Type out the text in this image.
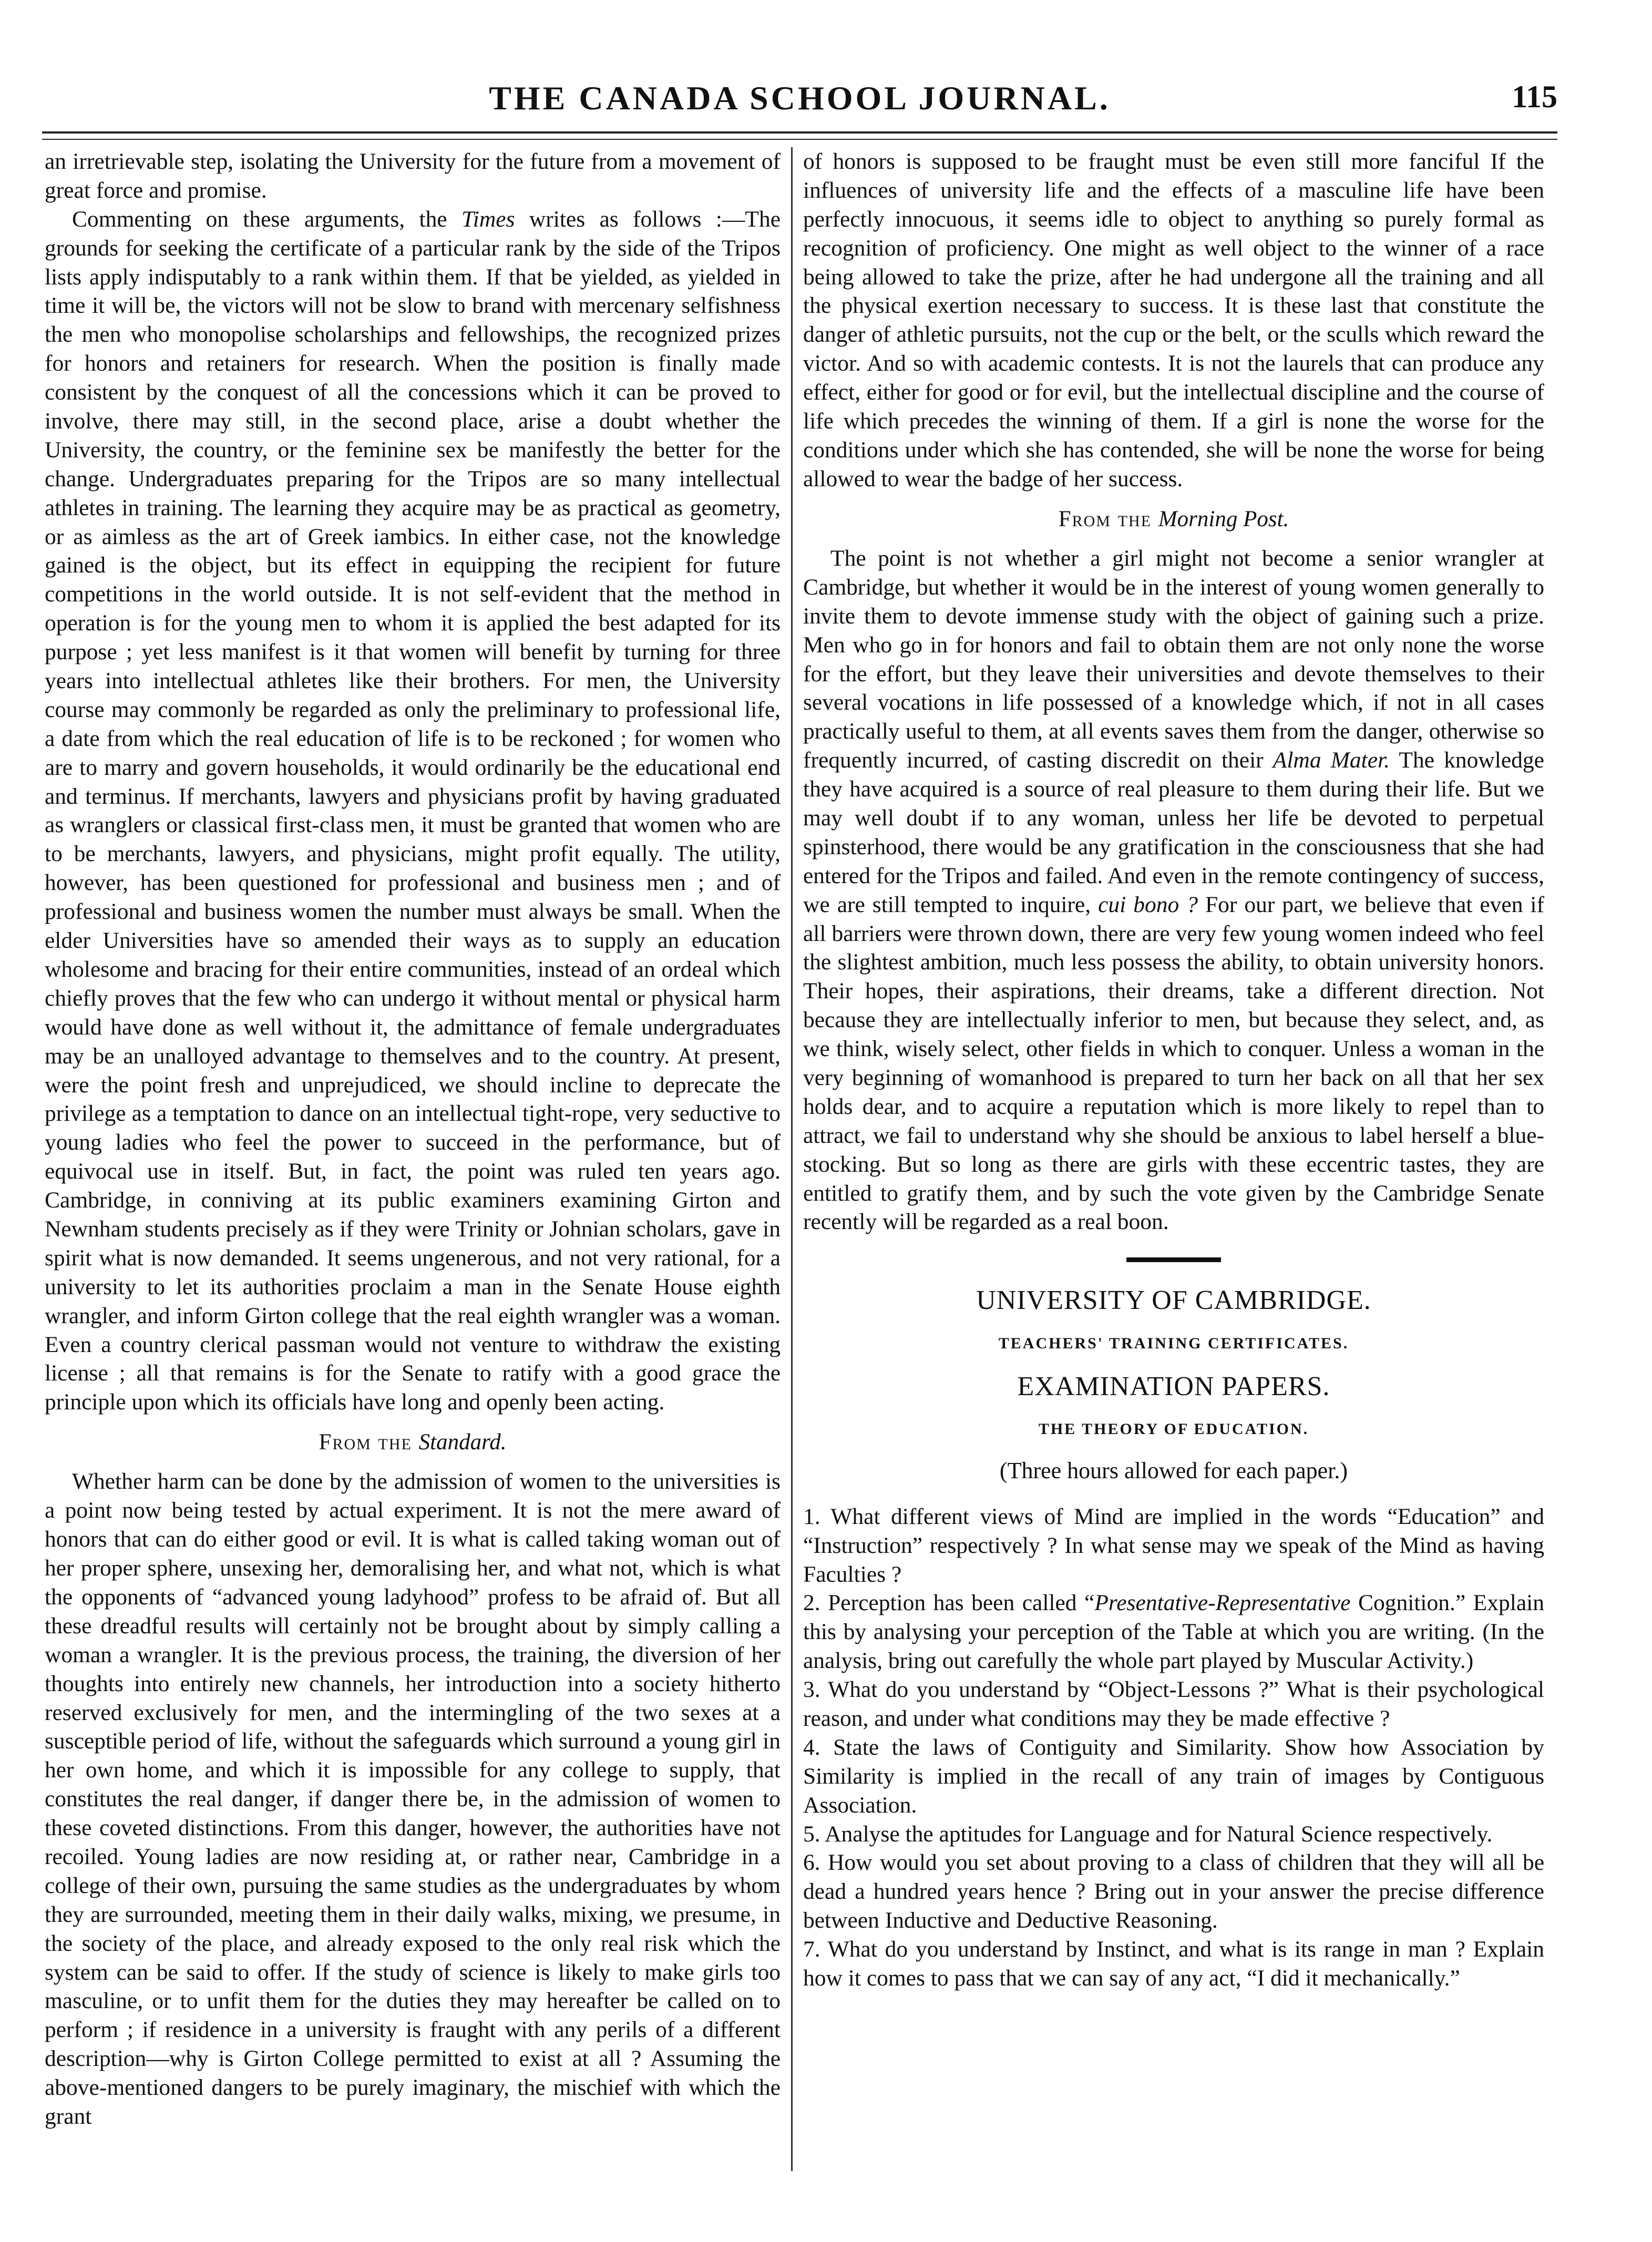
THE CANADA SCHOOL JOURNAL.	115

an irretrievable step, isolating the University for the future from a movement of great force and promise.

Commenting on these arguments, the Times writes as follows :—The grounds for seeking the certificate of a particular rank by the side of the Tripos lists apply indisputably to a rank within them. If that be yielded, as yielded in time it will be, the victors will not be slow to brand with mercenary selfishness the men who monopolise scholarships and fellowships, the recognized prizes for honors and retainers for research. When the position is finally made consistent by the conquest of all the concessions which it can be proved to involve, there may still, in the second place, arise a doubt whether the University, the country, or the feminine sex be manifestly the better for the change. Undergraduates preparing for the Tripos are so many intellectual athletes in training. The learning they acquire may be as practical as geometry, or as aimless as the art of Greek iambics. In either case, not the knowledge gained is the object, but its effect in equipping the recipient for future competitions in the world outside. It is not self-evident that the method in operation is for the young men to whom it is applied the best adapted for its purpose ; yet less manifest is it that women will benefit by turning for three years into intellectual athletes like their brothers. For men, the University course may commonly be regarded as only the preliminary to professional life, a date from which the real education of life is to be reckoned ; for women who are to marry and govern households, it would ordinarily be the educational end and terminus. If merchants, lawyers and physicians profit by having graduated as wranglers or classical first-class men, it must be granted that women who are to be merchants, lawyers, and physicians, might profit equally. The utility, however, has been questioned for professional and business men ; and of professional and business women the number must always be small. When the elder Universities have so amended their ways as to supply an education wholesome and bracing for their entire communities, instead of an ordeal which chiefly proves that the few who can undergo it without mental or physical harm would have done as well without it, the admittance of female undergraduates may be an unalloyed advantage to themselves and to the country. At present, were the point fresh and unprejudiced, we should incline to deprecate the privilege as a temptation to dance on an intellectual tight-rope, very seductive to young ladies who feel the power to succeed in the performance, but of equivocal use in itself. But, in fact, the point was ruled ten years ago. Cambridge, in conniving at its public examiners examining Girton and Newnham students precisely as if they were Trinity or Johnian scholars, gave in spirit what is now demanded. It seems ungenerous, and not very rational, for a university to let its authorities proclaim a man in the Senate House eighth wrangler, and inform Girton college that the real eighth wrangler was a woman. Even a country clerical passman would not venture to withdraw the existing license ; all that remains is for the Senate to ratify with a good grace the principle upon which its officials have long and openly been acting.

From the Standard.

Whether harm can be done by the admission of women to the universities is a point now being tested by actual experiment. It is not the mere award of honors that can do either good or evil. It is what is called taking woman out of her proper sphere, unsexing her, demoralising her, and what not, which is what the opponents of “advanced young ladyhood” profess to be afraid of. But all these dreadful results will certainly not be brought about by simply calling a woman a wrangler. It is the previous process, the training, the diversion of her thoughts into entirely new channels, her introduction into a society hitherto reserved exclusively for men, and the intermingling of the two sexes at a susceptible period of life, without the safeguards which surround a young girl in her own home, and which it is impossible for any college to supply, that constitutes the real danger, if danger there be, in the admission of women to these coveted distinctions. From this danger, however, the authorities have not recoiled. Young ladies are now residing at, or rather near, Cambridge in a college of their own, pursuing the same studies as the undergraduates by whom they are surrounded, meeting them in their daily walks, mixing, we presume, in the society of the place, and already exposed to the only real risk which the system can be said to offer. If the study of science is likely to make girls too masculine, or to unfit them for the duties they may hereafter be called on to perform ; if residence in a university is fraught with any perils of a different description—why is Girton College permitted to exist at all ? Assuming the above-mentioned dangers to be purely imaginary, the mischief with which the grant

of honors is supposed to be fraught must be even still more fanciful If the influences of university life and the effects of a masculine life have been perfectly innocuous, it seems idle to object to anything so purely formal as recognition of proficiency. One might as well object to the winner of a race being allowed to take the prize, after he had undergone all the training and all the physical exertion necessary to success. It is these last that constitute the danger of athletic pursuits, not the cup or the belt, or the sculls which reward the victor. And so with academic contests. It is not the laurels that can produce any effect, either for good or for evil, but the intellectual discipline and the course of life which precedes the winning of them. If a girl is none the worse for the conditions under which she has contended, she will be none the worse for being allowed to wear the badge of her success.

From the Morning Post.

The point is not whether a girl might not become a senior wrangler at Cambridge, but whether it would be in the interest of young women generally to invite them to devote immense study with the object of gaining such a prize. Men who go in for honors and fail to obtain them are not only none the worse for the effort, but they leave their universities and devote themselves to their several vocations in life possessed of a knowledge which, if not in all cases practically useful to them, at all events saves them from the danger, otherwise so frequently incurred, of casting discredit on their Alma Mater. The knowledge they have acquired is a source of real pleasure to them during their life. But we may well doubt if to any woman, unless her life be devoted to perpetual spinsterhood, there would be any gratification in the consciousness that she had entered for the Tripos and failed. And even in the remote contingency of success, we are still tempted to inquire, cui bono ? For our part, we believe that even if all barriers were thrown down, there are very few young women indeed who feel the slightest ambition, much less possess the ability, to obtain university honors. Their hopes, their aspirations, their dreams, take a different direction. Not because they are intellectually inferior to men, but because they select, and, as we think, wisely select, other fields in which to conquer. Unless a woman in the very beginning of womanhood is prepared to turn her back on all that her sex holds dear, and to acquire a reputation which is more likely to repel than to attract, we fail to understand why she should be anxious to label herself a blue-stocking. But so long as there are girls with these eccentric tastes, they are entitled to gratify them, and by such the vote given by the Cambridge Senate recently will be regarded as a real boon.

UNIVERSITY OF CAMBRIDGE.
TEACHERS' TRAINING CERTIFICATES.
EXAMINATION PAPERS.
THE THEORY OF EDUCATION.
(Three hours allowed for each paper.)

1. What different views of Mind are implied in the words “Education” and “Instruction” respectively ? In what sense may we speak of the Mind as having Faculties ?

2. Perception has been called “Presentative-Representative Cognition.” Explain this by analysing your perception of the Table at which you are writing. (In the analysis, bring out carefully the whole part played by Muscular Activity.)

3. What do you understand by “Object-Lessons ?” What is their psychological reason, and under what conditions may they be made effective ?

4. State the laws of Contiguity and Similarity. Show how Association by Similarity is implied in the recall of any train of images by Contiguous Association.

5. Analyse the aptitudes for Language and for Natural Science respectively.

6. How would you set about proving to a class of children that they will all be dead a hundred years hence ? Bring out in your answer the precise difference between Inductive and Deductive Reasoning.

7. What do you understand by Instinct, and what is its range in man ? Explain how it comes to pass that we can say of any act, “I did it mechanically.”
